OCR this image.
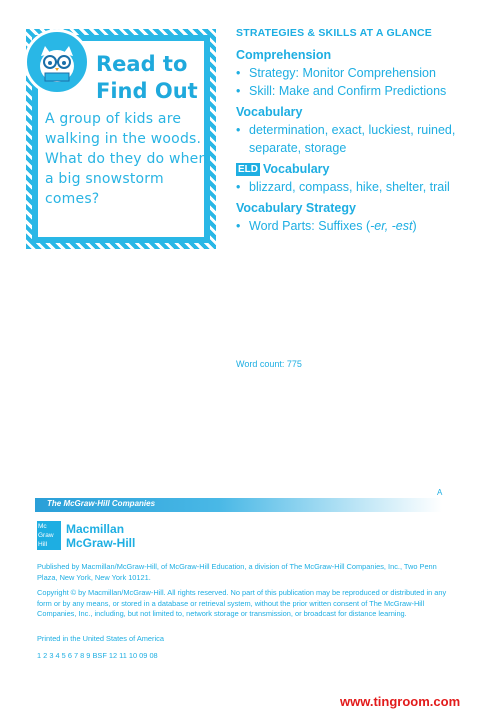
Read to
Find Out
A group of kids are walking in the woods. What do they do when a big snowstorm comes?
STRATEGIES & SKILLS AT A GLANCE
Comprehension
• Strategy: Monitor Comprehension
• Skill: Make and Confirm Predictions
Vocabulary
• determination, exact, luckiest, ruined, separate, storage
ELD Vocabulary
• blizzard, compass, hike, shelter, trail
Vocabulary Strategy
• Word Parts: Suffixes (-er, -est)
Word count: 775
A
The McGraw·Hill Companies
Mc
Graw
Hill
Macmillan
McGraw-Hill
Published by Macmillan/McGraw-Hill, of McGraw-Hill Education, a division of The McGraw-Hill Companies, Inc., Two Penn Plaza, New York, New York 10121.
Copyright © by Macmillan/McGraw-Hill. All rights reserved. No part of this publication may be reproduced or distributed in any form or by any means, or stored in a database or retrieval system, without the prior written consent of The McGraw-Hill Companies, Inc., including, but not limited to, network storage or transmission, or broadcast for distance learning.
Printed in the United States of America
1 2 3 4 5 6 7 8 9 BSF 12 11 10 09 08
www.tingroom.com
